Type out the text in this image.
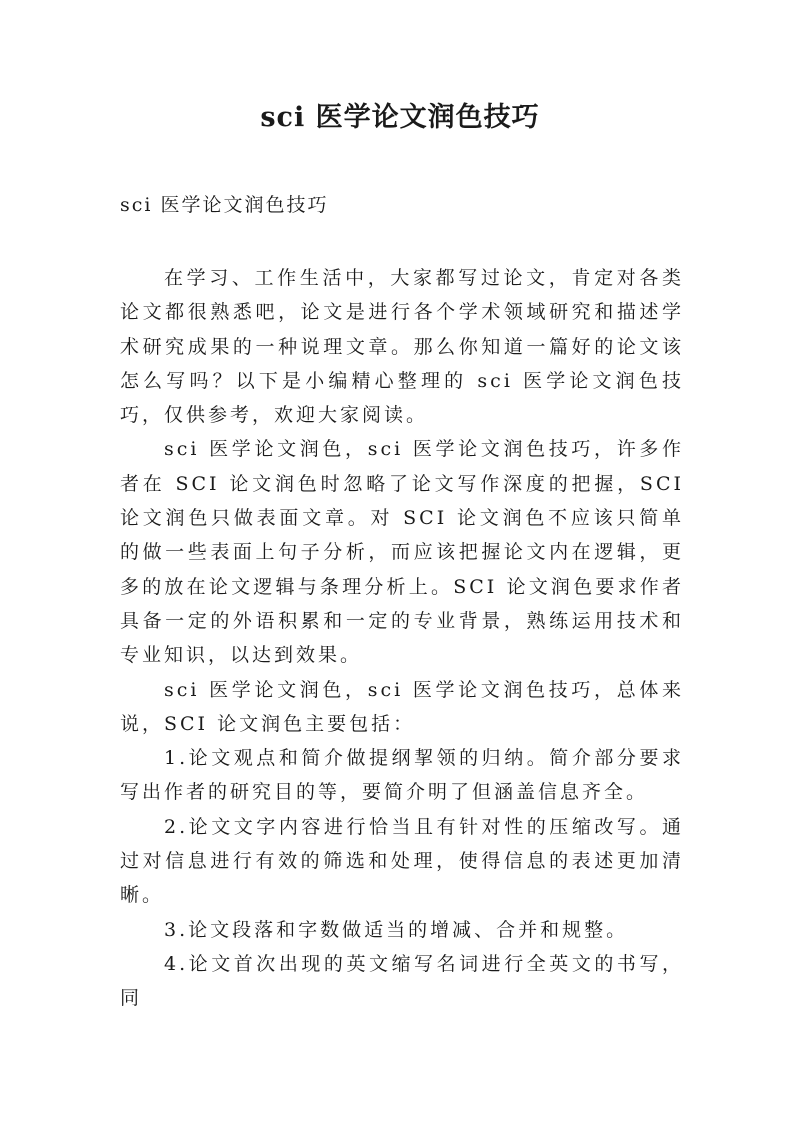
sci 医学论文润色技巧
sci 医学论文润色技巧

在学习、工作生活中，大家都写过论文，肯定对各类论文都很熟悉吧，论文是进行各个学术领域研究和描述学术研究成果的一种说理文章。那么你知道一篇好的论文该怎么写吗？以下是小编精心整理的 sci 医学论文润色技巧，仅供参考，欢迎大家阅读。

sci 医学论文润色，sci 医学论文润色技巧，许多作者在 SCI 论文润色时忽略了论文写作深度的把握，SCI 论文润色只做表面文章。对 SCI 论文润色不应该只简单的做一些表面上句子分析，而应该把握论文内在逻辑，更多的放在论文逻辑与条理分析上。SCI 论文润色要求作者具备一定的外语积累和一定的专业背景，熟练运用技术和专业知识，以达到效果。

sci 医学论文润色，sci 医学论文润色技巧，总体来说，SCI 论文润色主要包括：

1.论文观点和简介做提纲挈领的归纳。简介部分要求写出作者的研究目的等，要简介明了但涵盖信息齐全。

2.论文文字内容进行恰当且有针对性的压缩改写。通过对信息进行有效的筛选和处理，使得信息的表述更加清晰。

3.论文段落和字数做适当的增减、合并和规整。

4.论文首次出现的英文缩写名词进行全英文的书写，同
